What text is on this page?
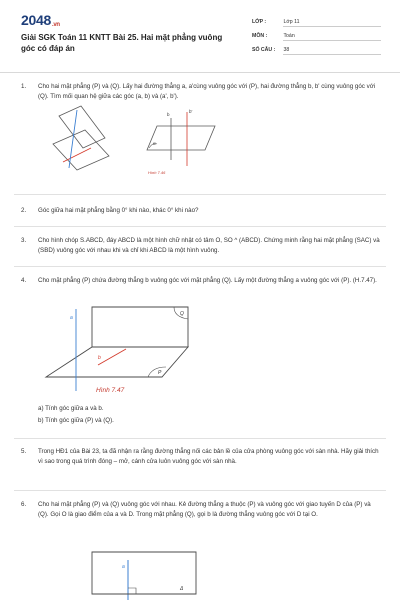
2048.vn
Giải SGK Toán 11 KNTT Bài 25. Hai mặt phẳng vuông góc có đáp án
LỚP :	Lớp 11
MÔN :	Toán
SỐ CÂU : 38
1. Cho hai mặt phẳng (P) và (Q). Lấy hai đường thẳng a, a'cùng vuông góc với (P), hai đường thẳng b, b' cùng vuông góc với (Q). Tìm mối quan hệ giữa các góc (a, b) và (a', b').
b
b'
α
Hình 7.46
2. Góc giữa hai mặt phẳng bằng 0° khi nào, khác 0° khi nào?
3. Cho hình chóp S.ABCD, đáy ABCD là một hình chữ nhật có tâm O, SO ^ (ABCD). Chứng minh rằng hai mặt phẳng (SAC) và (SBD) vuông góc với nhau khi và chỉ khi ABCD là một hình vuông.
4. Cho mặt phẳng (P) chứa đường thẳng b vuông góc với mặt phẳng (Q). Lấy một đường thẳng a vuông góc với (P). (H.7.47).
a
b
Q
P
Hình 7.47
a) Tính góc giữa a và b.
b) Tính góc giữa (P) và (Q).
5. Trong HĐ1 của Bài 23, ta đã nhận ra rằng đường thẳng nối các bản lề của cửa phòng vuông góc với sàn nhà. Hãy giải thích vì sao trong quá trình đóng – mở, cánh cửa luôn vuông góc với sàn nhà.
6. Cho hai mặt phẳng (P) và (Q) vuông góc với nhau. Kẻ đường thẳng a thuộc (P) và vuông góc với giao tuyến D của (P) và (Q). Gọi O là giao điểm của a và D. Trong mặt phẳng (Q), gọi b là đường thẳng vuông góc với D tại O.
a
Δ
